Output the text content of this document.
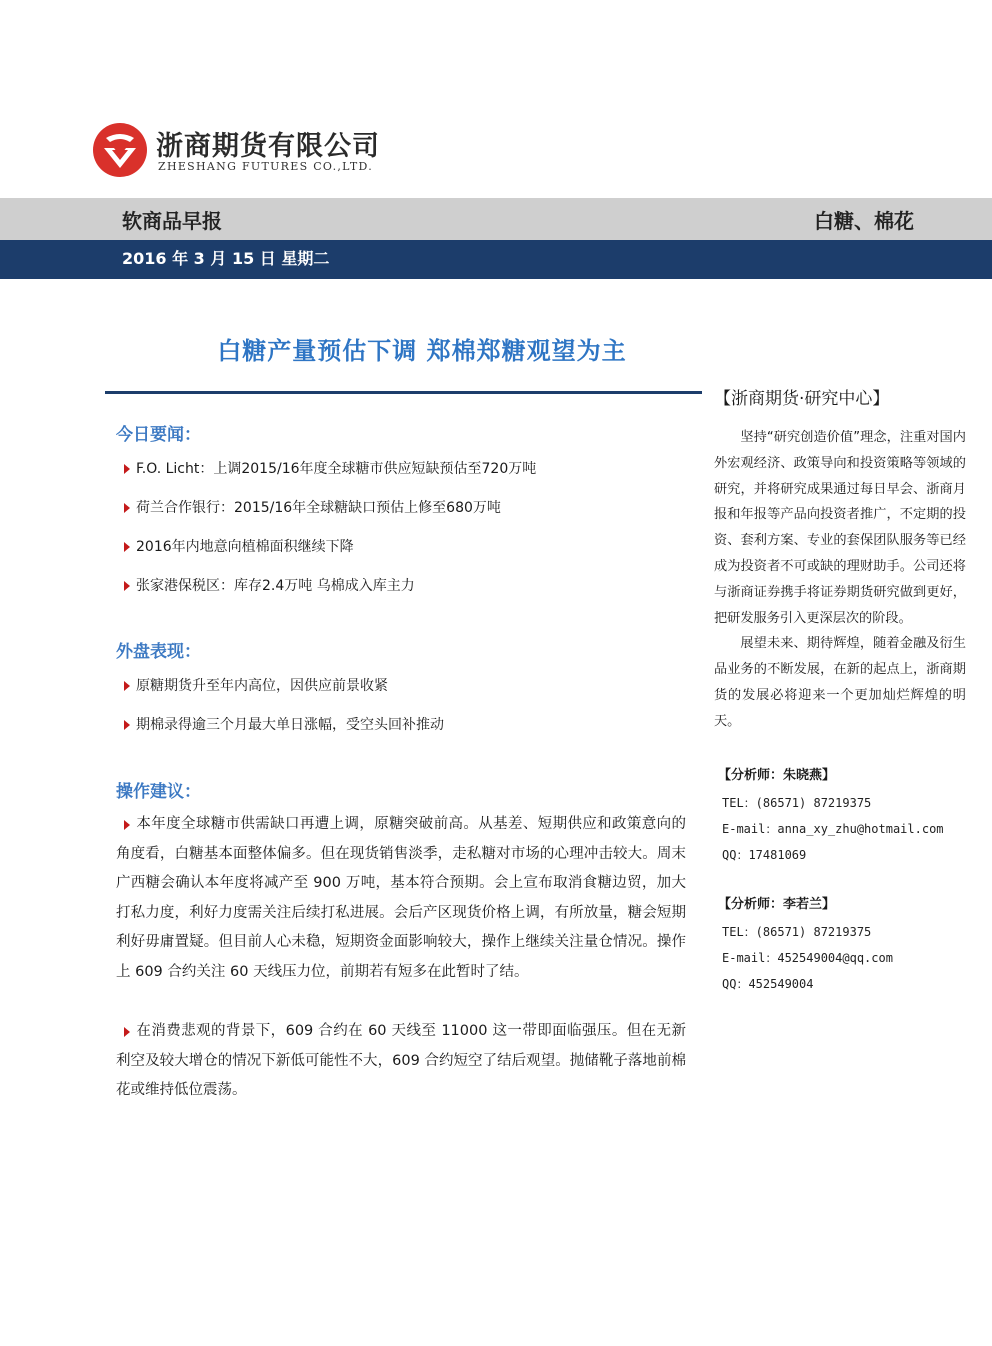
浙商期货有限公司
ZHESHANG FUTURES CO.,LTD.
软商品早报	白糖、棉花
2016 年 3 月 15 日 星期二
白糖产量预估下调 郑棉郑糖观望为主
今日要闻：
F.O. Licht：上调2015/16年度全球糖市供应短缺预估至720万吨
荷兰合作银行：2015/16年全球糖缺口预估上修至680万吨
2016年内地意向植棉面积继续下降
张家港保税区：库存2.4万吨 乌棉成入库主力
外盘表现：
原糖期货升至年内高位，因供应前景收紧
期棉录得逾三个月最大单日涨幅，受空头回补推动
操作建议：

本年度全球糖市供需缺口再遭上调，原糖突破前高。从基差、短期供应和政策意向的角度看，白糖基本面整体偏多。但在现货销售淡季，走私糖对市场的心理冲击较大。周末广西糖会确认本年度将减产至 900 万吨，基本符合预期。会上宣布取消食糖边贸，加大打私力度，利好力度需关注后续打私进展。会后产区现货价格上调，有所放量，糖会短期利好毋庸置疑。但目前人心未稳，短期资金面影响较大，操作上继续关注量仓情况。操作上 609 合约关注 60 天线压力位，前期若有短多在此暂时了结。

在消费悲观的背景下，609 合约在 60 天线至 11000 这一带即面临强压。但在无新利空及较大增仓的情况下新低可能性不大，609 合约短空了结后观望。抛储靴子落地前棉花或维持低位震荡。

【浙商期货·研究中心】

坚持“研究创造价值”理念，注重对国内外宏观经济、政策导向和投资策略等领域的研究，并将研究成果通过每日早会、浙商月报和年报等产品向投资者推广，不定期的投资、套利方案、专业的套保团队服务等已经成为投资者不可或缺的理财助手。公司还将与浙商证券携手将证券期货研究做到更好，把研发服务引入更深层次的阶段。

展望未来、期待辉煌，随着金融及衍生品业务的不断发展，在新的起点上，浙商期货的发展必将迎来一个更加灿烂辉煌的明天。

【分析师：朱晓燕】
TEL：(86571) 87219375
E-mail：anna_xy_zhu@hotmail.com
QQ：17481069
【分析师：李若兰】
TEL：(86571) 87219375
E-mail：452549004@qq.com
QQ：452549004
